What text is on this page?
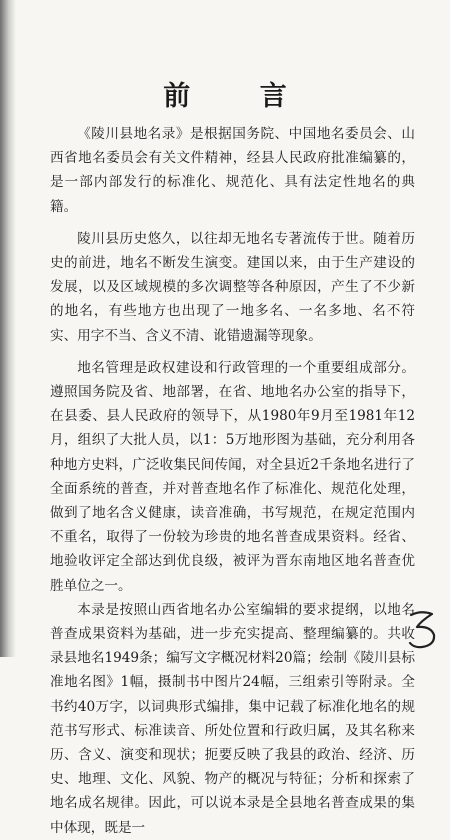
前 言

《陵川县地名录》是根据国务院、中国地名委员会、山西省地名委员会有关文件精神，经县人民政府批准编纂的，是一部内部发行的标准化、规范化、具有法定性地名的典籍。

陵川县历史悠久，以往却无地名专著流传于世。随着历史的前进，地名不断发生演变。建国以来，由于生产建设的发展，以及区域规模的多次调整等各种原因，产生了不少新的地名，有些地方也出现了一地多名、一名多地、名不符实、用字不当、含义不清、讹错遗漏等现象。

地名管理是政权建设和行政管理的一个重要组成部分。遵照国务院及省、地部署，在省、地地名办公室的指导下，在县委、县人民政府的领导下，从1980年9月至1981年12月，组织了大批人员，以1：5万地形图为基础，充分利用各种地方史料，广泛收集民间传闻，对全县近2千条地名进行了全面系统的普查，并对普查地名作了标准化、规范化处理，做到了地名含义健康，读音准确，书写规范，在规定范围内不重名，取得了一份较为珍贵的地名普查成果资料。经省、地验收评定全部达到优良级，被评为晋东南地区地名普查优胜单位之一。

本录是按照山西省地名办公室编辑的要求提纲，以地名普查成果资料为基础，进一步充实提高、整理编纂的。共收录县地名1949条；编写文字概况材料20篇；绘制《陵川县标准地名图》1幅，摄制书中图片24幅，三组索引等附录。全书约40万字，以词典形式编排，集中记载了标准化地名的规范书写形式、标准读音、所处位置和行政归属，及其名称来历、含义、演变和现状；扼要反映了我县的政治、经济、历史、地理、文化、风貌、物产的概况与特征；分析和探索了地名成名规律。因此，可以说本录是全县地名普查成果的集中体现，既是一
